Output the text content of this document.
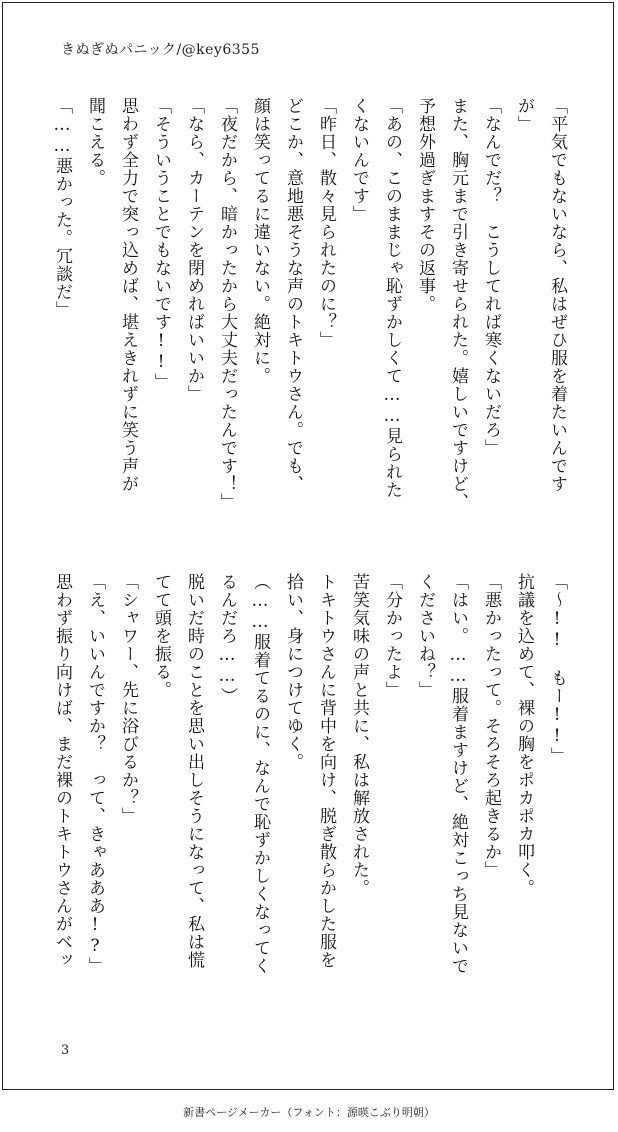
きぬぎぬパニック/@key6355
「平気でもないなら、私はぜひ服を着たいんです
が」
「なんでだ？　こうしてれば寒くないだろ」
また、胸元まで引き寄せられた。嬉しいですけど、
予想外過ぎますその返事。
「あの、このままじゃ恥ずかしくて……見られた
くないんです」
「昨日、散々見られたのに？」
どこか、意地悪そうな声のトキトウさん。でも、
顔は笑ってるに違いない。絶対に。
「夜だから、暗かったから大丈夫だったんです！」
「なら、カーテンを閉めればいいか」
「そういうことでもないです!!」
思わず全力で突っ込めば、堪えきれずに笑う声が
聞こえる。
「……悪かった。冗談だ」
「～!!　もー!!」
抗議を込めて、裸の胸をポカポカ叩く。
「悪かったって。そろそろ起きるか」
「はい。……服着ますけど、絶対こっち見ないで
くださいね？」
「分かったよ」
苦笑気味の声と共に、私は解放された。
トキトウさんに背中を向け、脱ぎ散らかした服を
拾い、身につけてゆく。
（……服着てるのに、なんで恥ずかしくなってく
るんだろ……）
脱いだ時のことを思い出しそうになって、私は慌
てて頭を振る。
「シャワー、先に浴びるか？」
「え、いいんですか？　って、きゃあああ!?」
思わず振り向けば、まだ裸のトキトウさんがベッ
3
新書ページメーカー（フォント：源暎こぶり明朝）
